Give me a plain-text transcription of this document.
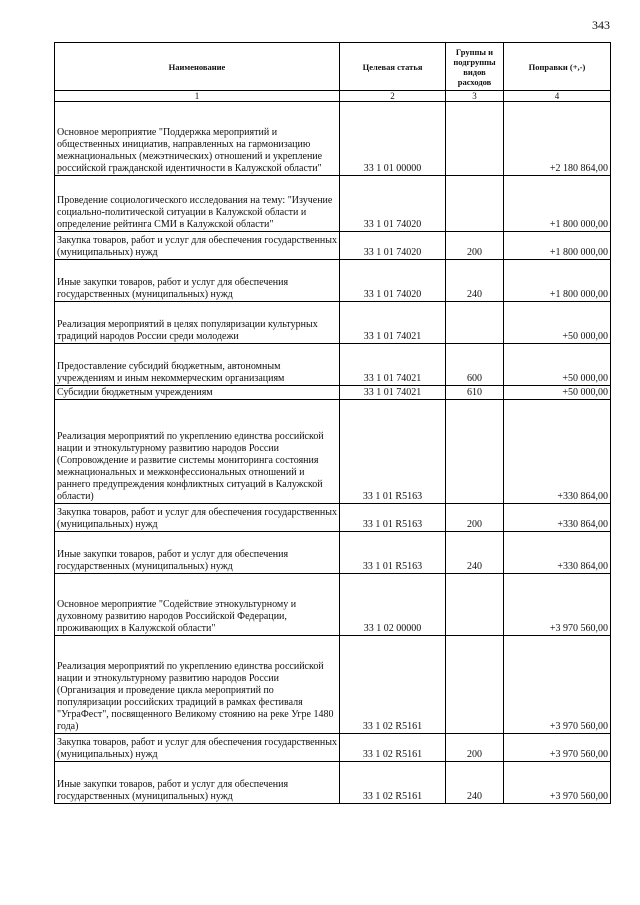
343
Наименование	Целевая статья	Группы и подгруппы видов расходов	Поправки (+,-)
1	2	3	4
Основное мероприятие "Поддержка мероприятий и общественных инициатив, направленных на гармонизацию межнациональных (межэтнических) отношений и укрепление российской гражданской идентичности в Калужской области"	33 1 01 00000		+2 180 864,00
Проведение социологического исследования на тему: "Изучение социально-политической ситуации в Калужской области и определение рейтинга СМИ в Калужской области"	33 1 01 74020		+1 800 000,00
Закупка товаров, работ и услуг для обеспечения государственных (муниципальных) нужд	33 1 01 74020	200	+1 800 000,00
Иные закупки товаров, работ и услуг для обеспечения государственных (муниципальных) нужд	33 1 01 74020	240	+1 800 000,00
Реализация мероприятий в целях популяризации культурных традиций народов России среди молодежи	33 1 01 74021		+50 000,00
Предоставление субсидий бюджетным, автономным учреждениям и иным некоммерческим организациям	33 1 01 74021	600	+50 000,00
Субсидии бюджетным учреждениям	33 1 01 74021	610	+50 000,00
Реализация мероприятий по укреплению единства российской нации и этнокультурному развитию народов России (Сопровождение и развитие системы мониторинга состояния межнациональных и межконфессиональных отношений и раннего предупреждения конфликтных ситуаций в Калужской области)	33 1 01 R5163		+330 864,00
Закупка товаров, работ и услуг для обеспечения государственных (муниципальных) нужд	33 1 01 R5163	200	+330 864,00
Иные закупки товаров, работ и услуг для обеспечения государственных (муниципальных) нужд	33 1 01 R5163	240	+330 864,00
Основное мероприятие "Содействие этнокультурному и духовному развитию народов Российской Федерации, проживающих в Калужской области"	33 1 02 00000		+3 970 560,00
Реализация мероприятий по укреплению единства российской нации и этнокультурному развитию народов России (Организация и проведение цикла мероприятий по популяризации российских традиций в рамках фестиваля "УграФест", посвященного Великому стоянию на реке Угре 1480 года)	33 1 02 R5161		+3 970 560,00
Закупка товаров, работ и услуг для обеспечения государственных (муниципальных) нужд	33 1 02 R5161	200	+3 970 560,00
Иные закупки товаров, работ и услуг для обеспечения государственных (муниципальных) нужд	33 1 02 R5161	240	+3 970 560,00
